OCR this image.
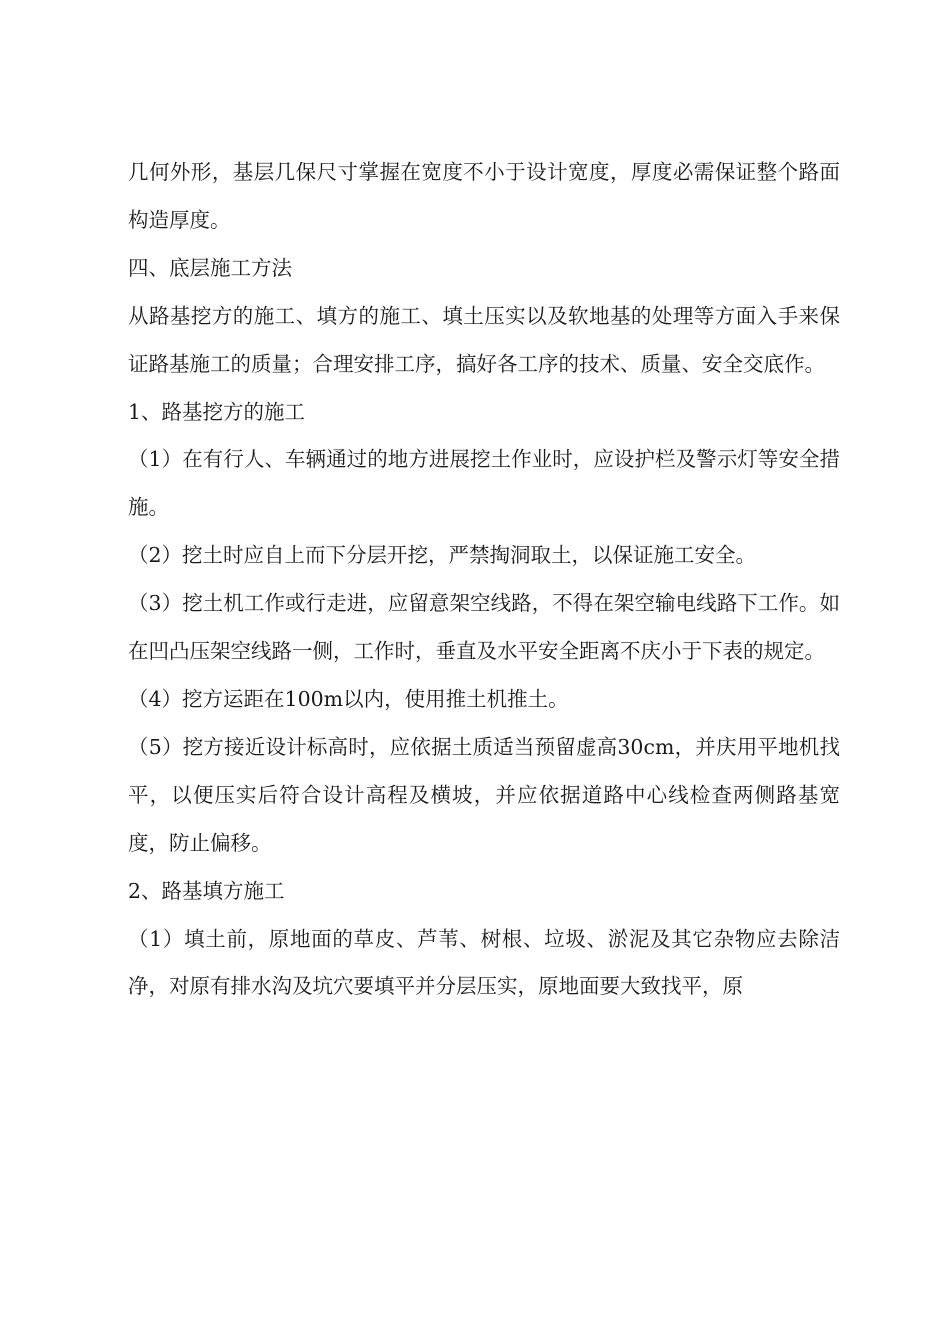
几何外形，基层几保尺寸掌握在宽度不小于设计宽度，厚度必需保证整个路面构造厚度。

四、底层施工方法

从路基挖方的施工、填方的施工、填土压实以及软地基的处理等方面入手来保证路基施工的质量；合理安排工序，搞好各工序的技术、质量、安全交底作。

1、路基挖方的施工

（1）在有行人、车辆通过的地方进展挖土作业时，应设护栏及警示灯等安全措施。

（2）挖土时应自上而下分层开挖，严禁掏洞取土，以保证施工安全。

（3）挖土机工作或行走进，应留意架空线路，不得在架空输电线路下工作。如在凹凸压架空线路一侧，工作时，垂直及水平安全距离不庆小于下表的规定。

（4）挖方运距在100m以内，使用推土机推土。

（5）挖方接近设计标高时，应依据土质适当预留虚高30cm，并庆用平地机找平，以便压实后符合设计高程及横坡，并应依据道路中心线检查两侧路基宽度，防止偏移。

2、路基填方施工

（1）填土前，原地面的草皮、芦苇、树根、垃圾、淤泥及其它杂物应去除洁净，对原有排水沟及坑穴要填平并分层压实，原地面要大致找平，原
